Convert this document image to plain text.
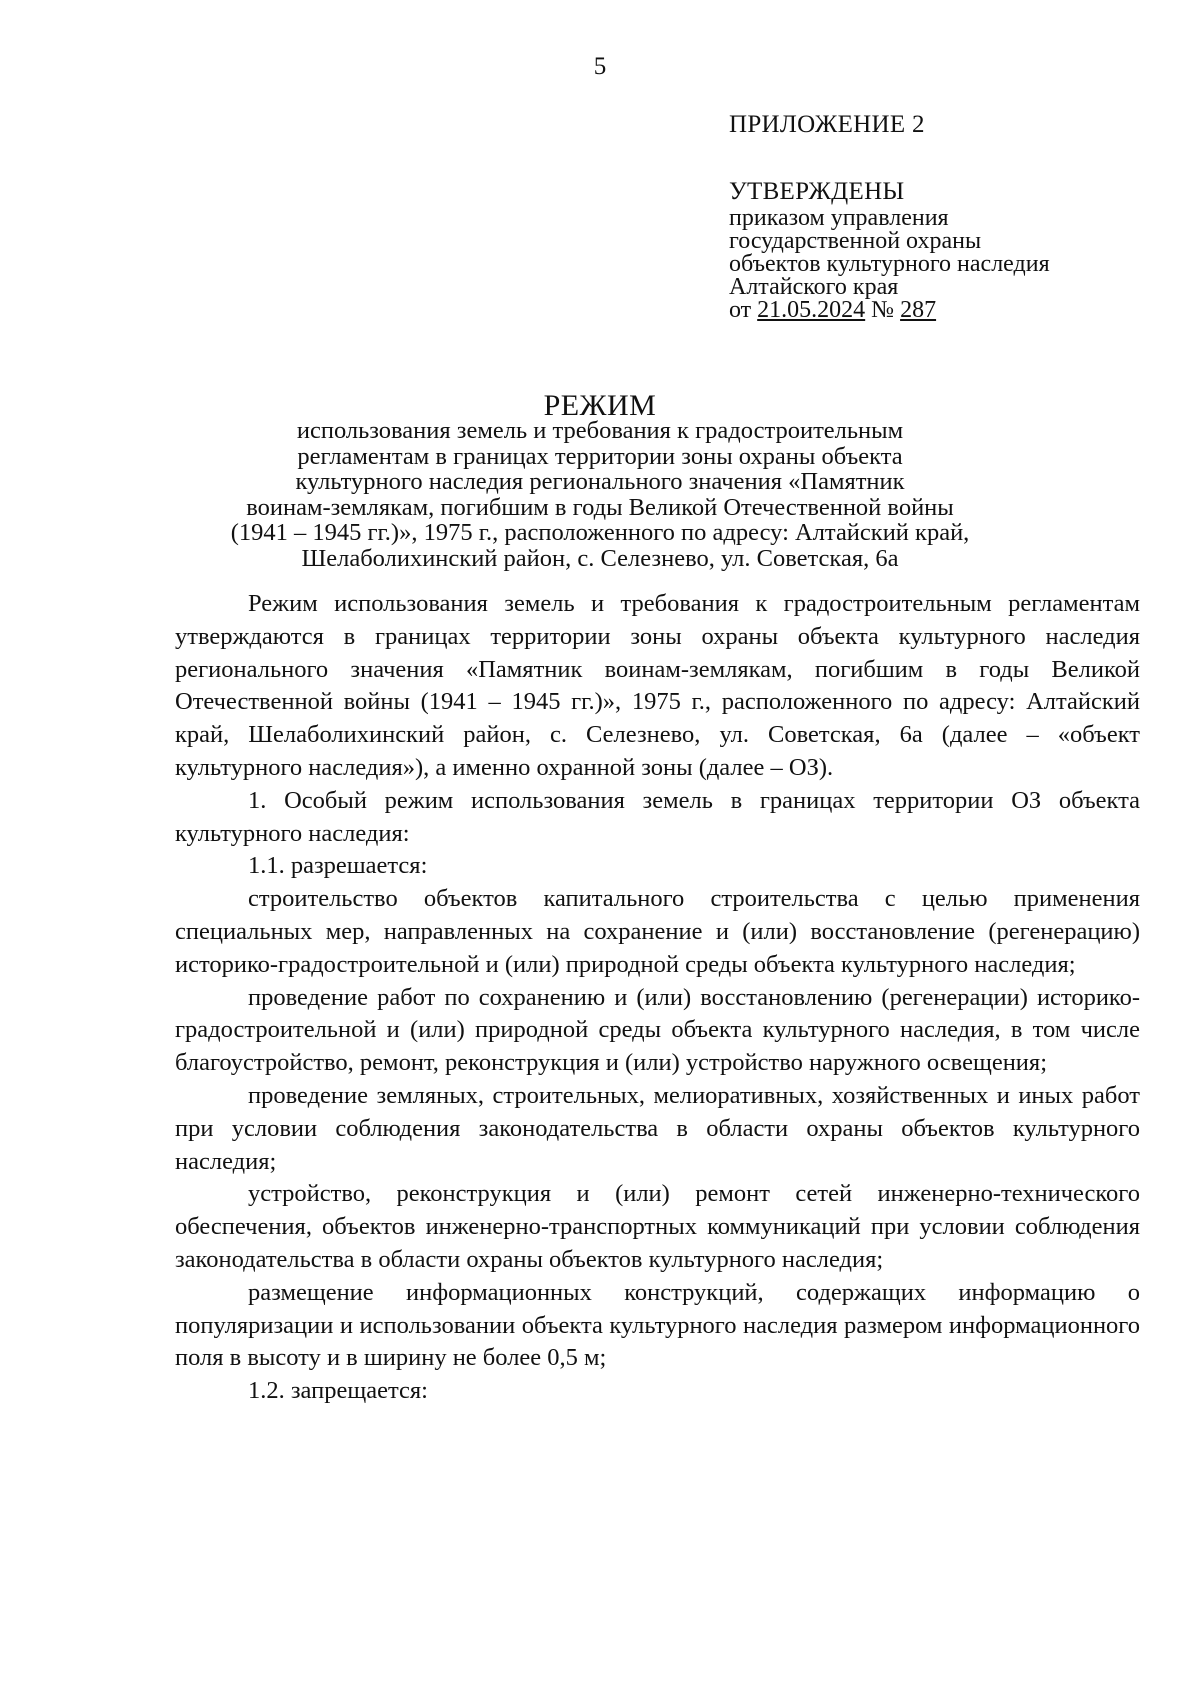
5
ПРИЛОЖЕНИЕ 2
УТВЕРЖДЕНЫ
приказом управления
государственной охраны
объектов культурного наследия
Алтайского края
от 21.05.2024 № 287
РЕЖИМ
использования земель и требования к градостроительным
регламентам в границах территории зоны охраны объекта
культурного наследия регионального значения «Памятник
воинам-землякам, погибшим в годы Великой Отечественной войны
(1941 – 1945 гг.)», 1975 г., расположенного по адресу: Алтайский край,
Шелаболихинский район, с. Селезнево, ул. Советская, 6а

Режим использования земель и требования к градостроительным регламентам утверждаются в границах территории зоны охраны объекта культурного наследия регионального значения «Памятник воинам-землякам, погибшим в годы Великой Отечественной войны (1941 – 1945 гг.)», 1975 г., расположенного по адресу: Алтайский край, Шелаболихинский район, с. Селезнево, ул. Советская, 6а (далее – «объект культурного наследия»), а именно охранной зоны (далее – ОЗ).

1. Особый режим использования земель в границах территории ОЗ объекта культурного наследия:

1.1. разрешается:

строительство объектов капитального строительства с целью применения специальных мер, направленных на сохранение и (или) восстановление (регенерацию) историко-градостроительной и (или) природной среды объекта культурного наследия;

проведение работ по сохранению и (или) восстановлению (регенерации) историко-градостроительной и (или) природной среды объекта культурного наследия, в том числе благоустройство, ремонт, реконструкция и (или) устройство наружного освещения;

проведение земляных, строительных, мелиоративных, хозяйственных и иных работ при условии соблюдения законодательства в области охраны объектов культурного наследия;

устройство, реконструкция и (или) ремонт сетей инженерно-технического обеспечения, объектов инженерно-транспортных коммуникаций при условии соблюдения законодательства в области охраны объектов культурного наследия;

размещение информационных конструкций, содержащих информацию о популяризации и использовании объекта культурного наследия размером информационного поля в высоту и в ширину не более 0,5 м;

1.2. запрещается:
